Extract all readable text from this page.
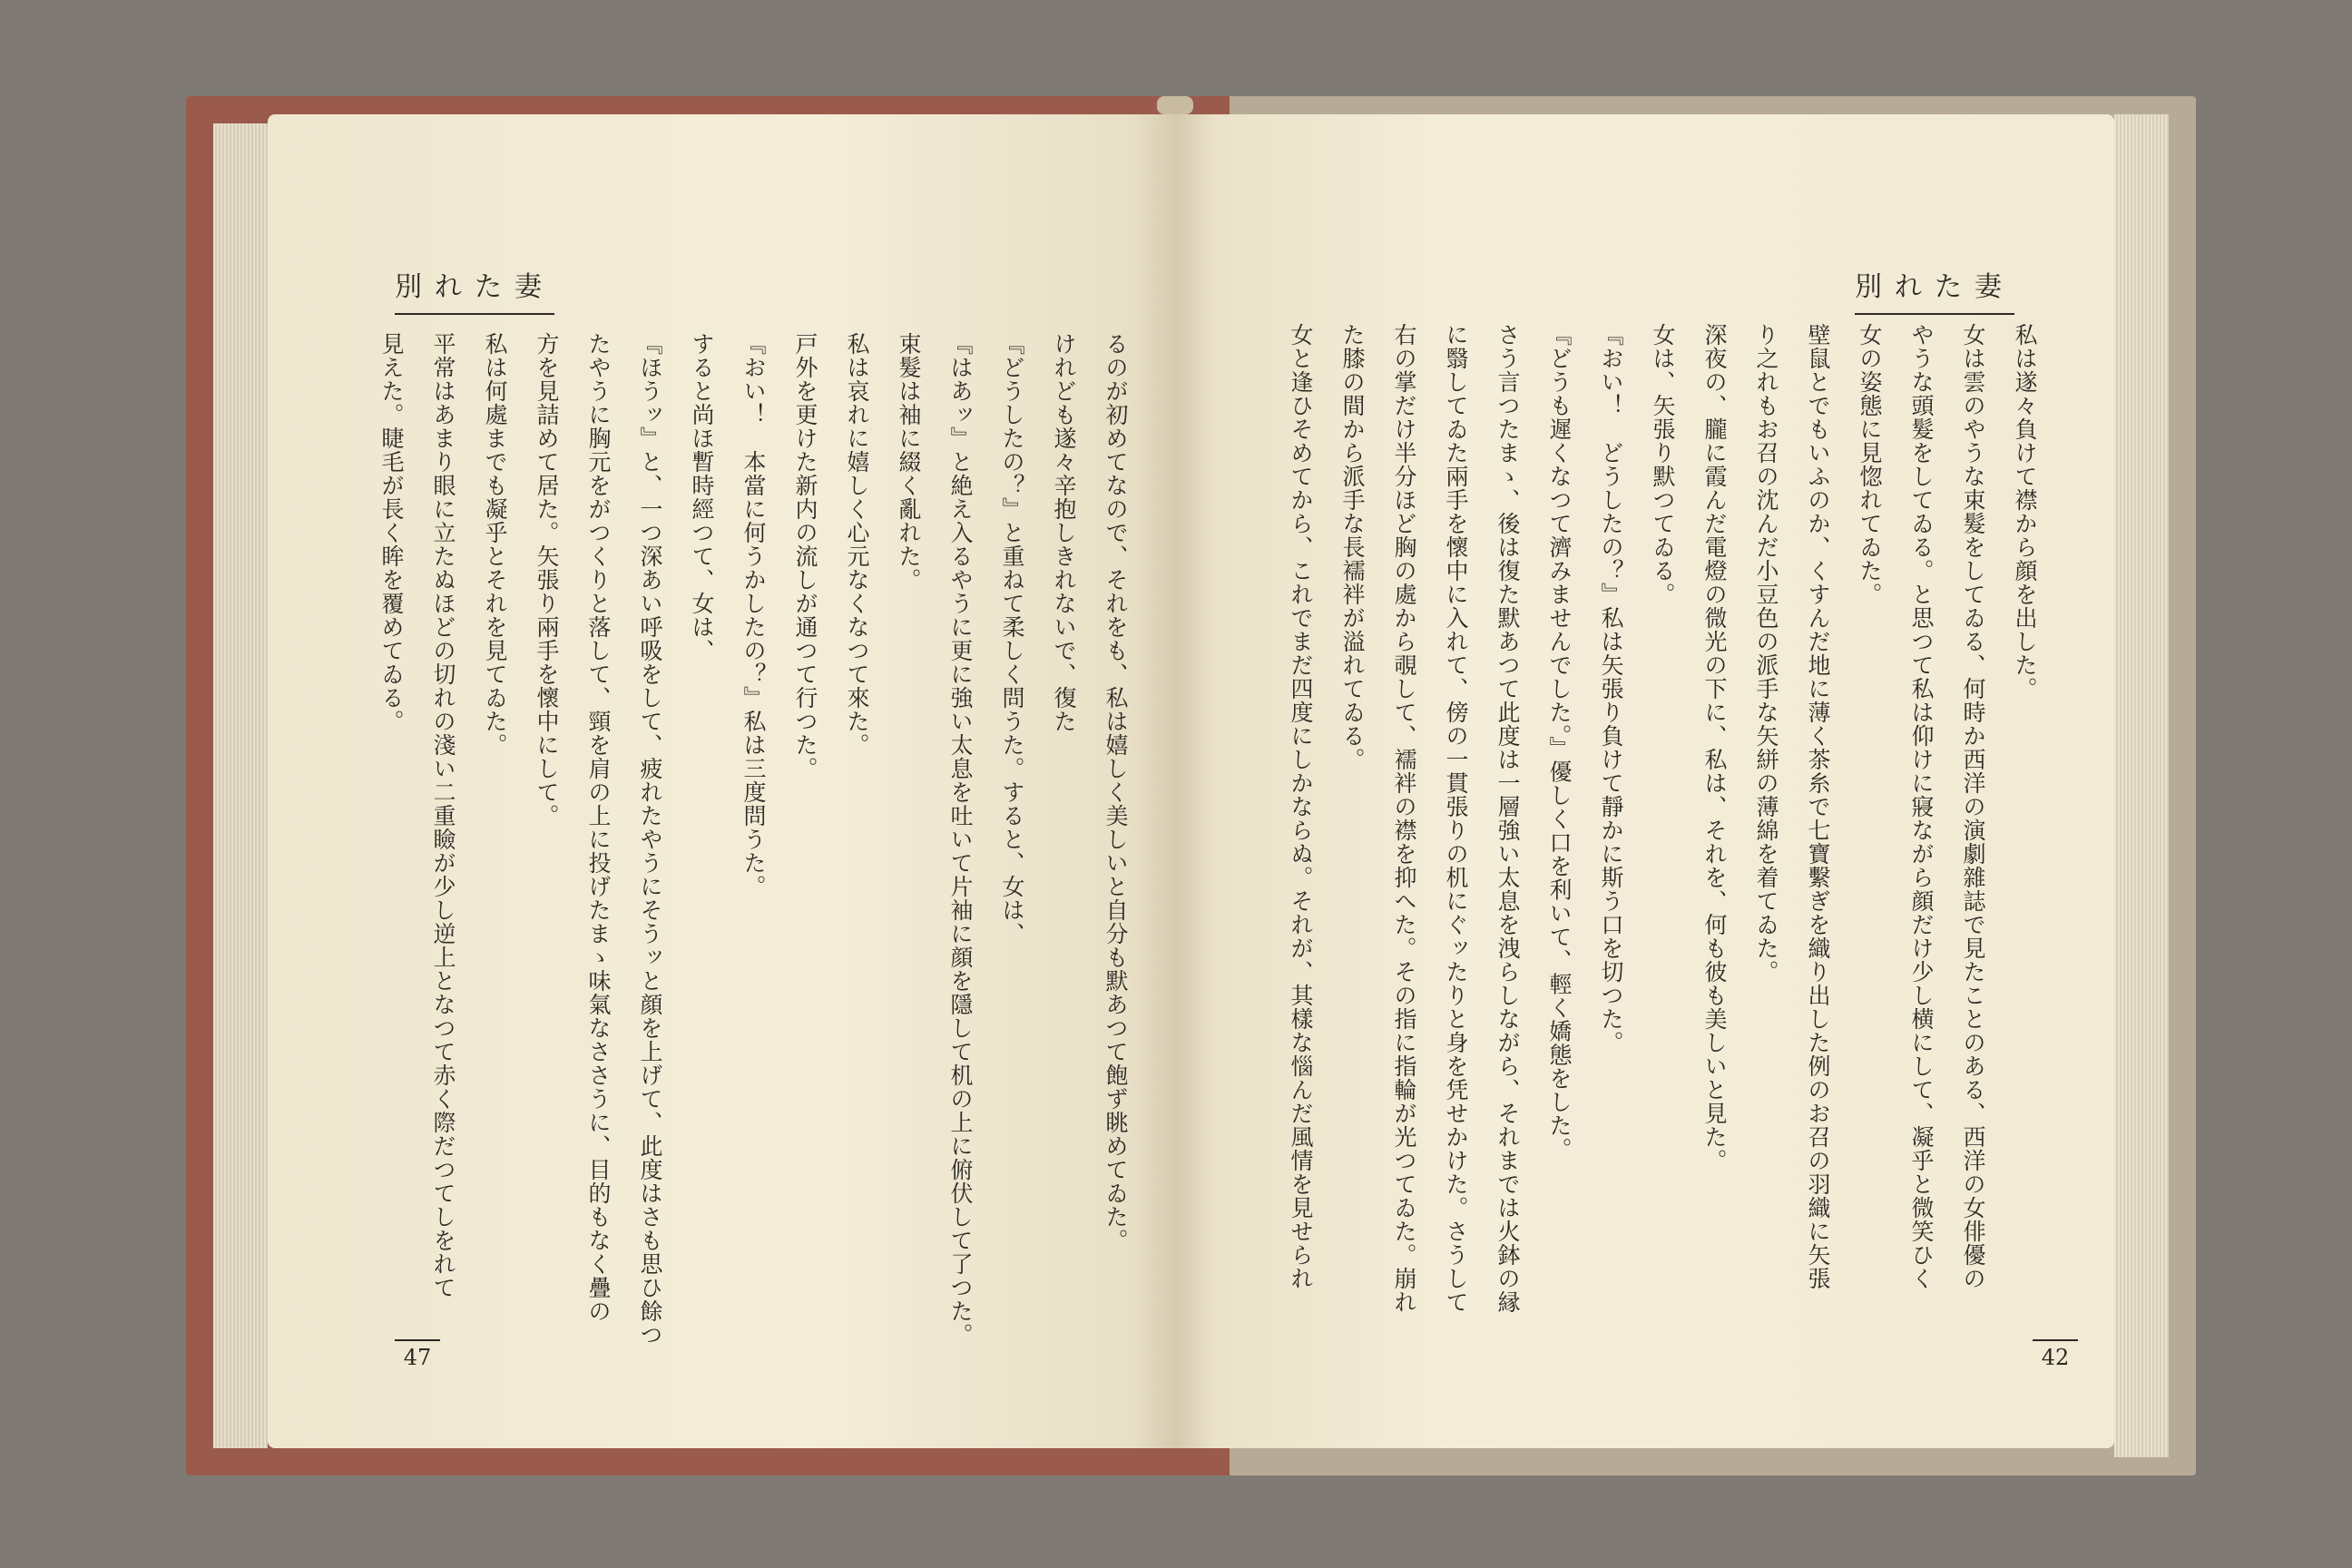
別れた妻
るのが初めてなので、それをも、私は嬉しく美しいと自分も默あつて飽ず眺めてゐた。
けれども遂々辛抱しきれないで、復た
『どうしたの？』と重ねて柔しく問うた。すると、女は、
『はあッ』と絶え入るやうに更に強い太息を吐いて片袖に顔を隱して机の上に俯伏して了つた。
束髮は袖に綴く亂れた。
私は哀れに嬉しく心元なくなつて來た。
戸外を更けた新内の流しが通つて行つた。
『おい！　本當に何うかしたの？』私は三度問うた。
すると尚ほ暫時經つて、女は、
『ほうッ』と、一つ深あい呼吸をして、疲れたやうにそうッと顔を上げて、此度はさも思ひ餘つ
たやうに胸元をがつくりと落して、頸を肩の上に投げたまゝ味氣なささうに、目的もなく疊の
方を見詰めて居た。矢張り兩手を懷中にして。
私は何處までも凝乎とそれを見てゐた。
平常はあまり眼に立たぬほどの切れの淺い二重瞼が少し逆上となつて赤く際だつてしをれて
見えた。睫毛が長く眸を覆めてゐる。
47
別れた妻
私は遂々負けて襟から顔を出した。
女は雲のやうな束髮をしてゐる、何時か西洋の演劇雜誌で見たことのある、西洋の女俳優の
やうな頭髮をしてゐる。と思つて私は仰けに寢ながら顔だけ少し横にして、凝乎と微笑ひく
女の姿態に見惚れてゐた。
壁鼠とでもいふのか、くすんだ地に薄く茶糸で七寶繫ぎを織り出した例のお召の羽織に矢張
り之れもお召の沈んだ小豆色の派手な矢絣の薄綿を着てゐた。
深夜の、朧に霞んだ電燈の微光の下に、私は、それを、何も彼も美しいと見た。
女は、矢張り默つてゐる。
『おい！　どうしたの？』私は矢張り負けて靜かに斯う口を切つた。
『どうも遲くなつて濟みませんでした。』優しく口を利いて、輕く嬌態をした。
さう言つたまゝ、後は復た默あつて此度は一層強い太息を洩らしながら、それまでは火鉢の縁
に翳してゐた兩手を懷中に入れて、傍の一貫張りの机にぐッたりと身を凭せかけた。さうして
右の掌だけ半分ほど胸の處から覗して、襦袢の襟を抑へた。その指に指輪が光つてゐた。崩れ
た膝の間から派手な長襦袢が溢れてゐる。
女と逢ひそめてから、これでまだ四度にしかならぬ。それが、其樣な惱んだ風情を見せられ
42
